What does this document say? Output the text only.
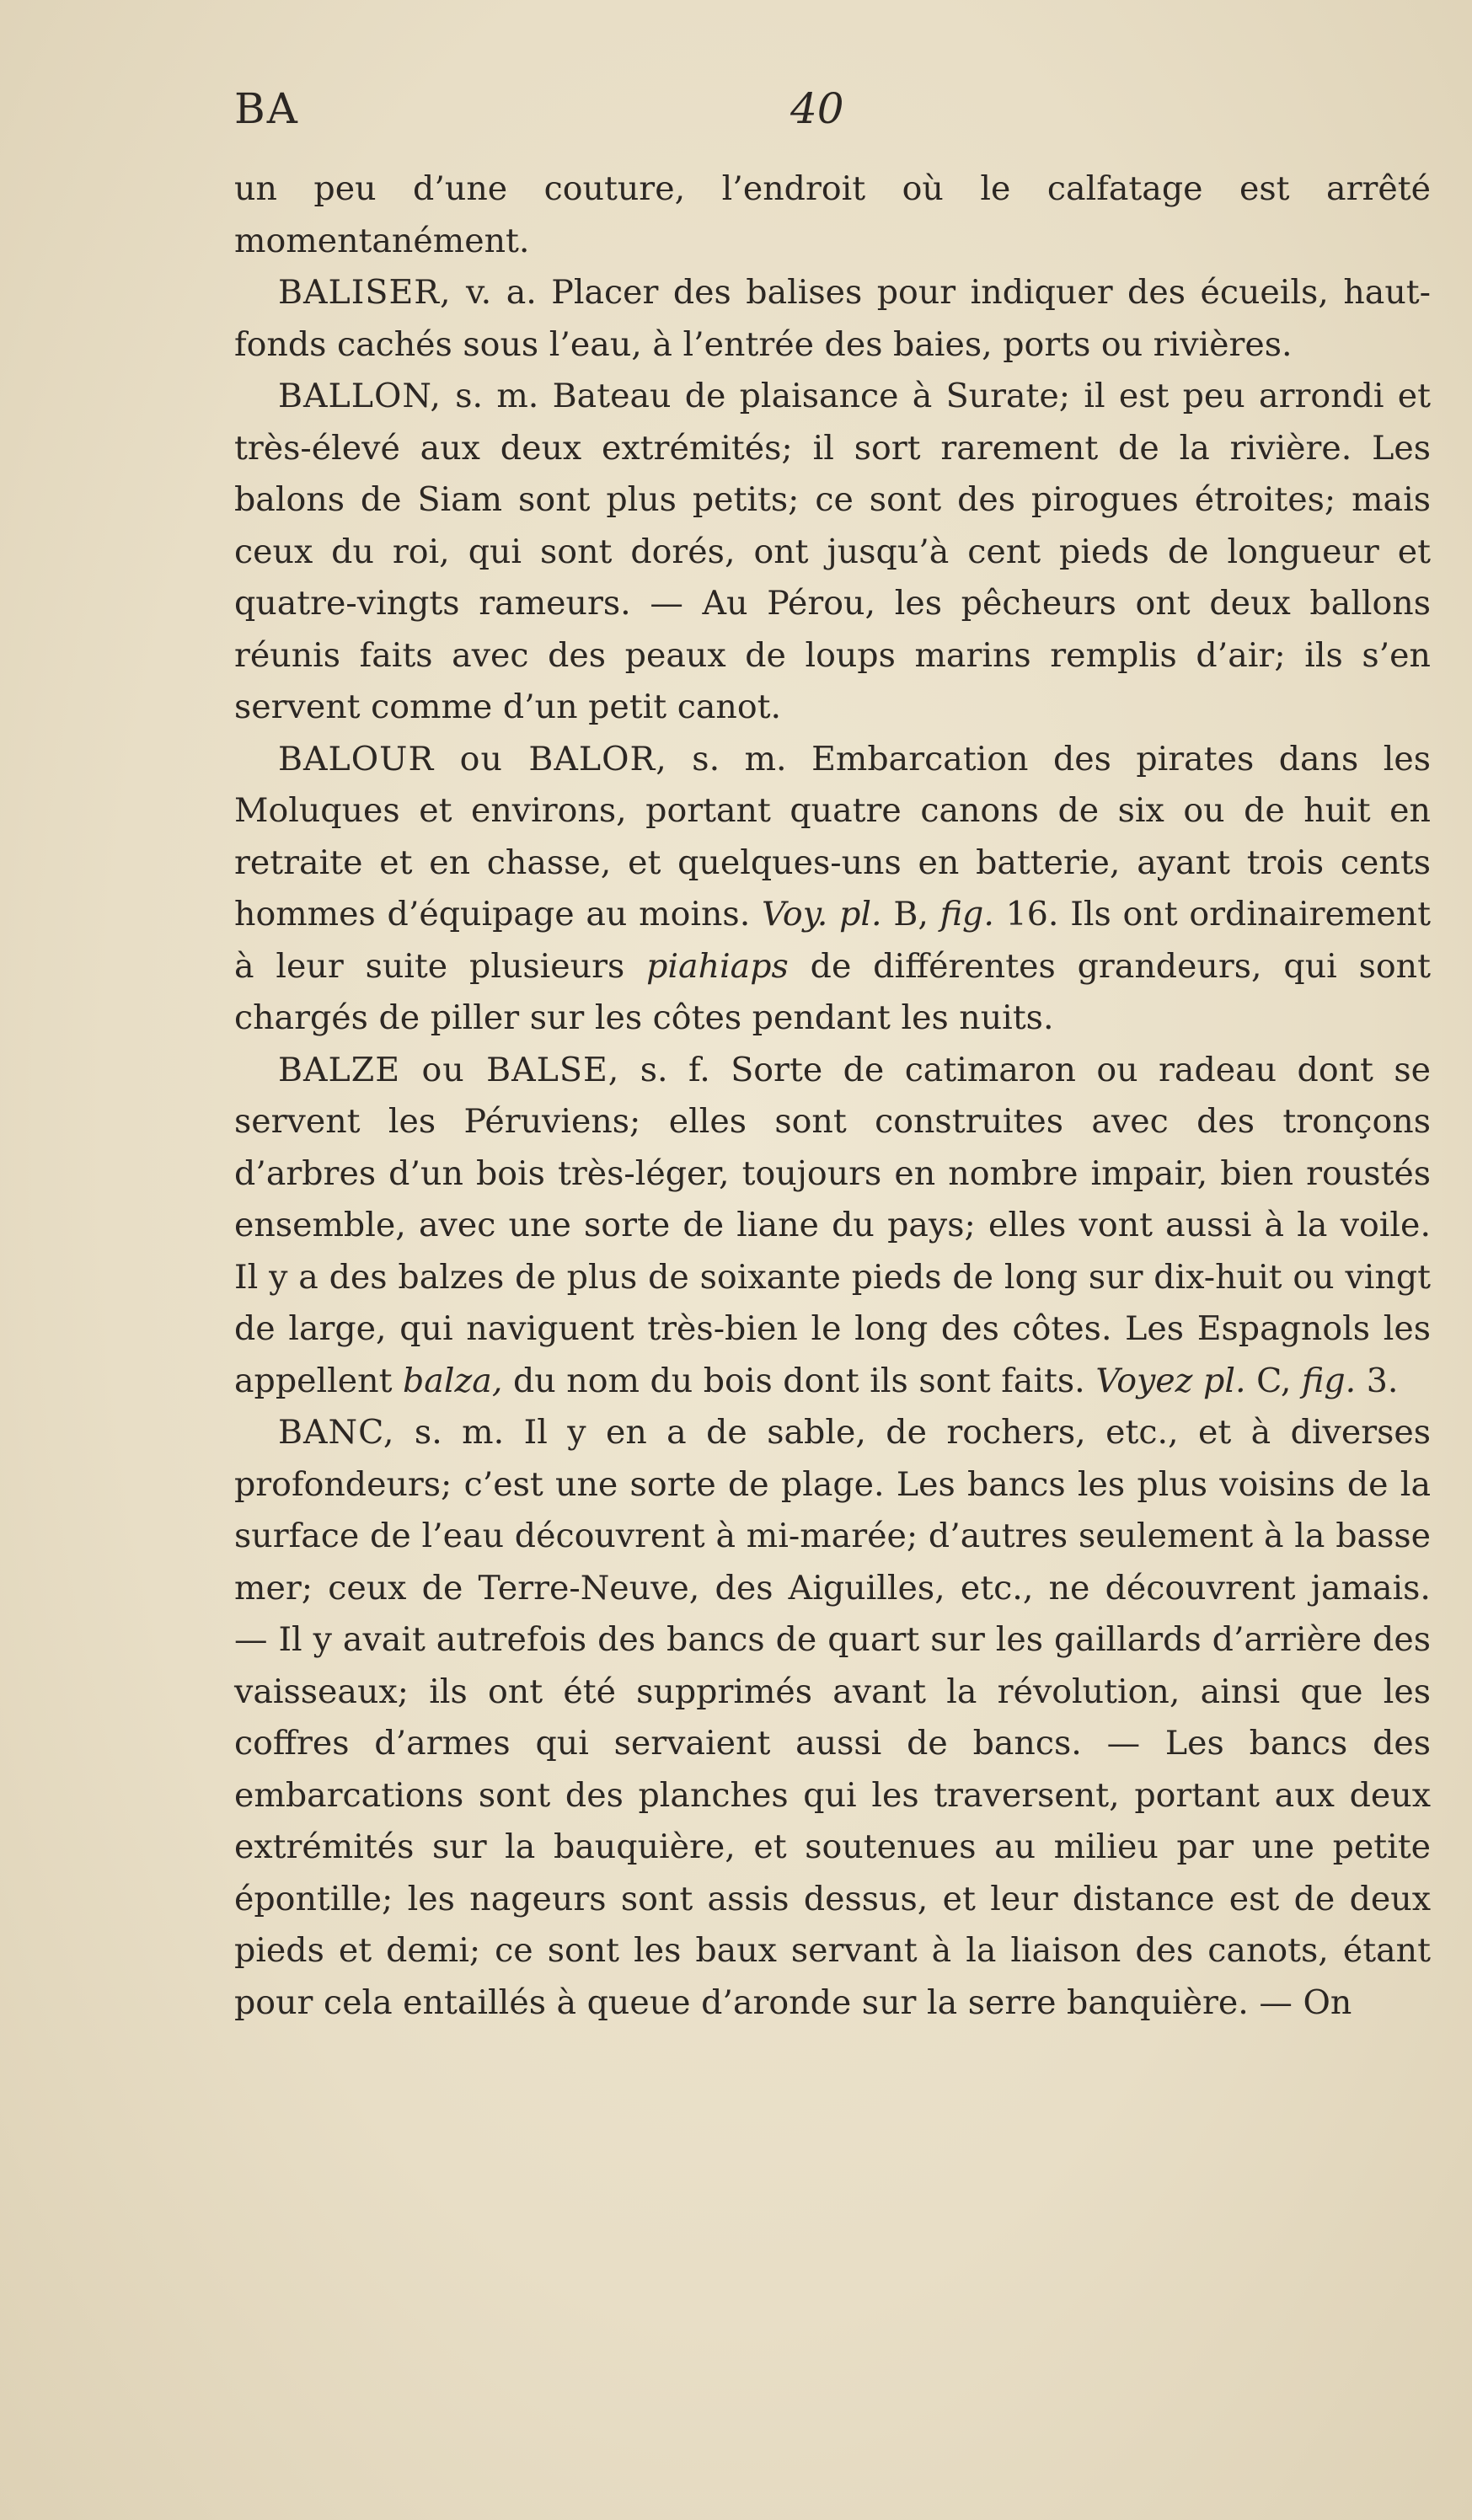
BA	40

un peu d’une couture, l’endroit où le calfatage est arrêté momentanément.

BALISER, v. a. Placer des balises pour indiquer des écueils, haut-fonds cachés sous l’eau, à l’entrée des baies, ports ou rivières.

BALLON, s. m. Bateau de plaisance à Surate; il est peu arrondi et très-élevé aux deux extrémités; il sort rarement de la rivière. Les balons de Siam sont plus petits; ce sont des pirogues étroites; mais ceux du roi, qui sont dorés, ont jusqu’à cent pieds de longueur et quatre-vingts rameurs. — Au Pérou, les pêcheurs ont deux ballons réunis faits avec des peaux de loups marins remplis d’air; ils s’en servent comme d’un petit canot.

BALOUR ou BALOR, s. m. Embarcation des pirates dans les Moluques et environs, portant quatre canons de six ou de huit en retraite et en chasse, et quelques-uns en batterie, ayant trois cents hommes d’équipage au moins. Voy. pl. B, fig. 16. Ils ont ordinairement à leur suite plusieurs piahiaps de différentes grandeurs, qui sont chargés de piller sur les côtes pendant les nuits.

BALZE ou BALSE, s. f. Sorte de catimaron ou radeau dont se servent les Péruviens; elles sont construites avec des tronçons d’arbres d’un bois très-léger, toujours en nombre impair, bien roustés ensemble, avec une sorte de liane du pays; elles vont aussi à la voile. Il y a des balzes de plus de soixante pieds de long sur dix-huit ou vingt de large, qui naviguent très-bien le long des côtes. Les Espagnols les appellent balza, du nom du bois dont ils sont faits. Voyez pl. C, fig. 3.

BANC, s. m. Il y en a de sable, de rochers, etc., et à diverses profondeurs; c’est une sorte de plage. Les bancs les plus voisins de la surface de l’eau découvrent à mi-marée; d’autres seulement à la basse mer; ceux de Terre-Neuve, des Aiguilles, etc., ne découvrent jamais. — Il y avait autrefois des bancs de quart sur les gaillards d’arrière des vaisseaux; ils ont été supprimés avant la révolution, ainsi que les coffres d’armes qui servaient aussi de bancs. — Les bancs des embarcations sont des planches qui les traversent, portant aux deux extrémités sur la bauquière, et soutenues au milieu par une petite épontille; les nageurs sont assis dessus, et leur distance est de deux pieds et demi; ce sont les baux servant à la liaison des canots, étant pour cela entaillés à queue d’aronde sur la serre banquière. — On
